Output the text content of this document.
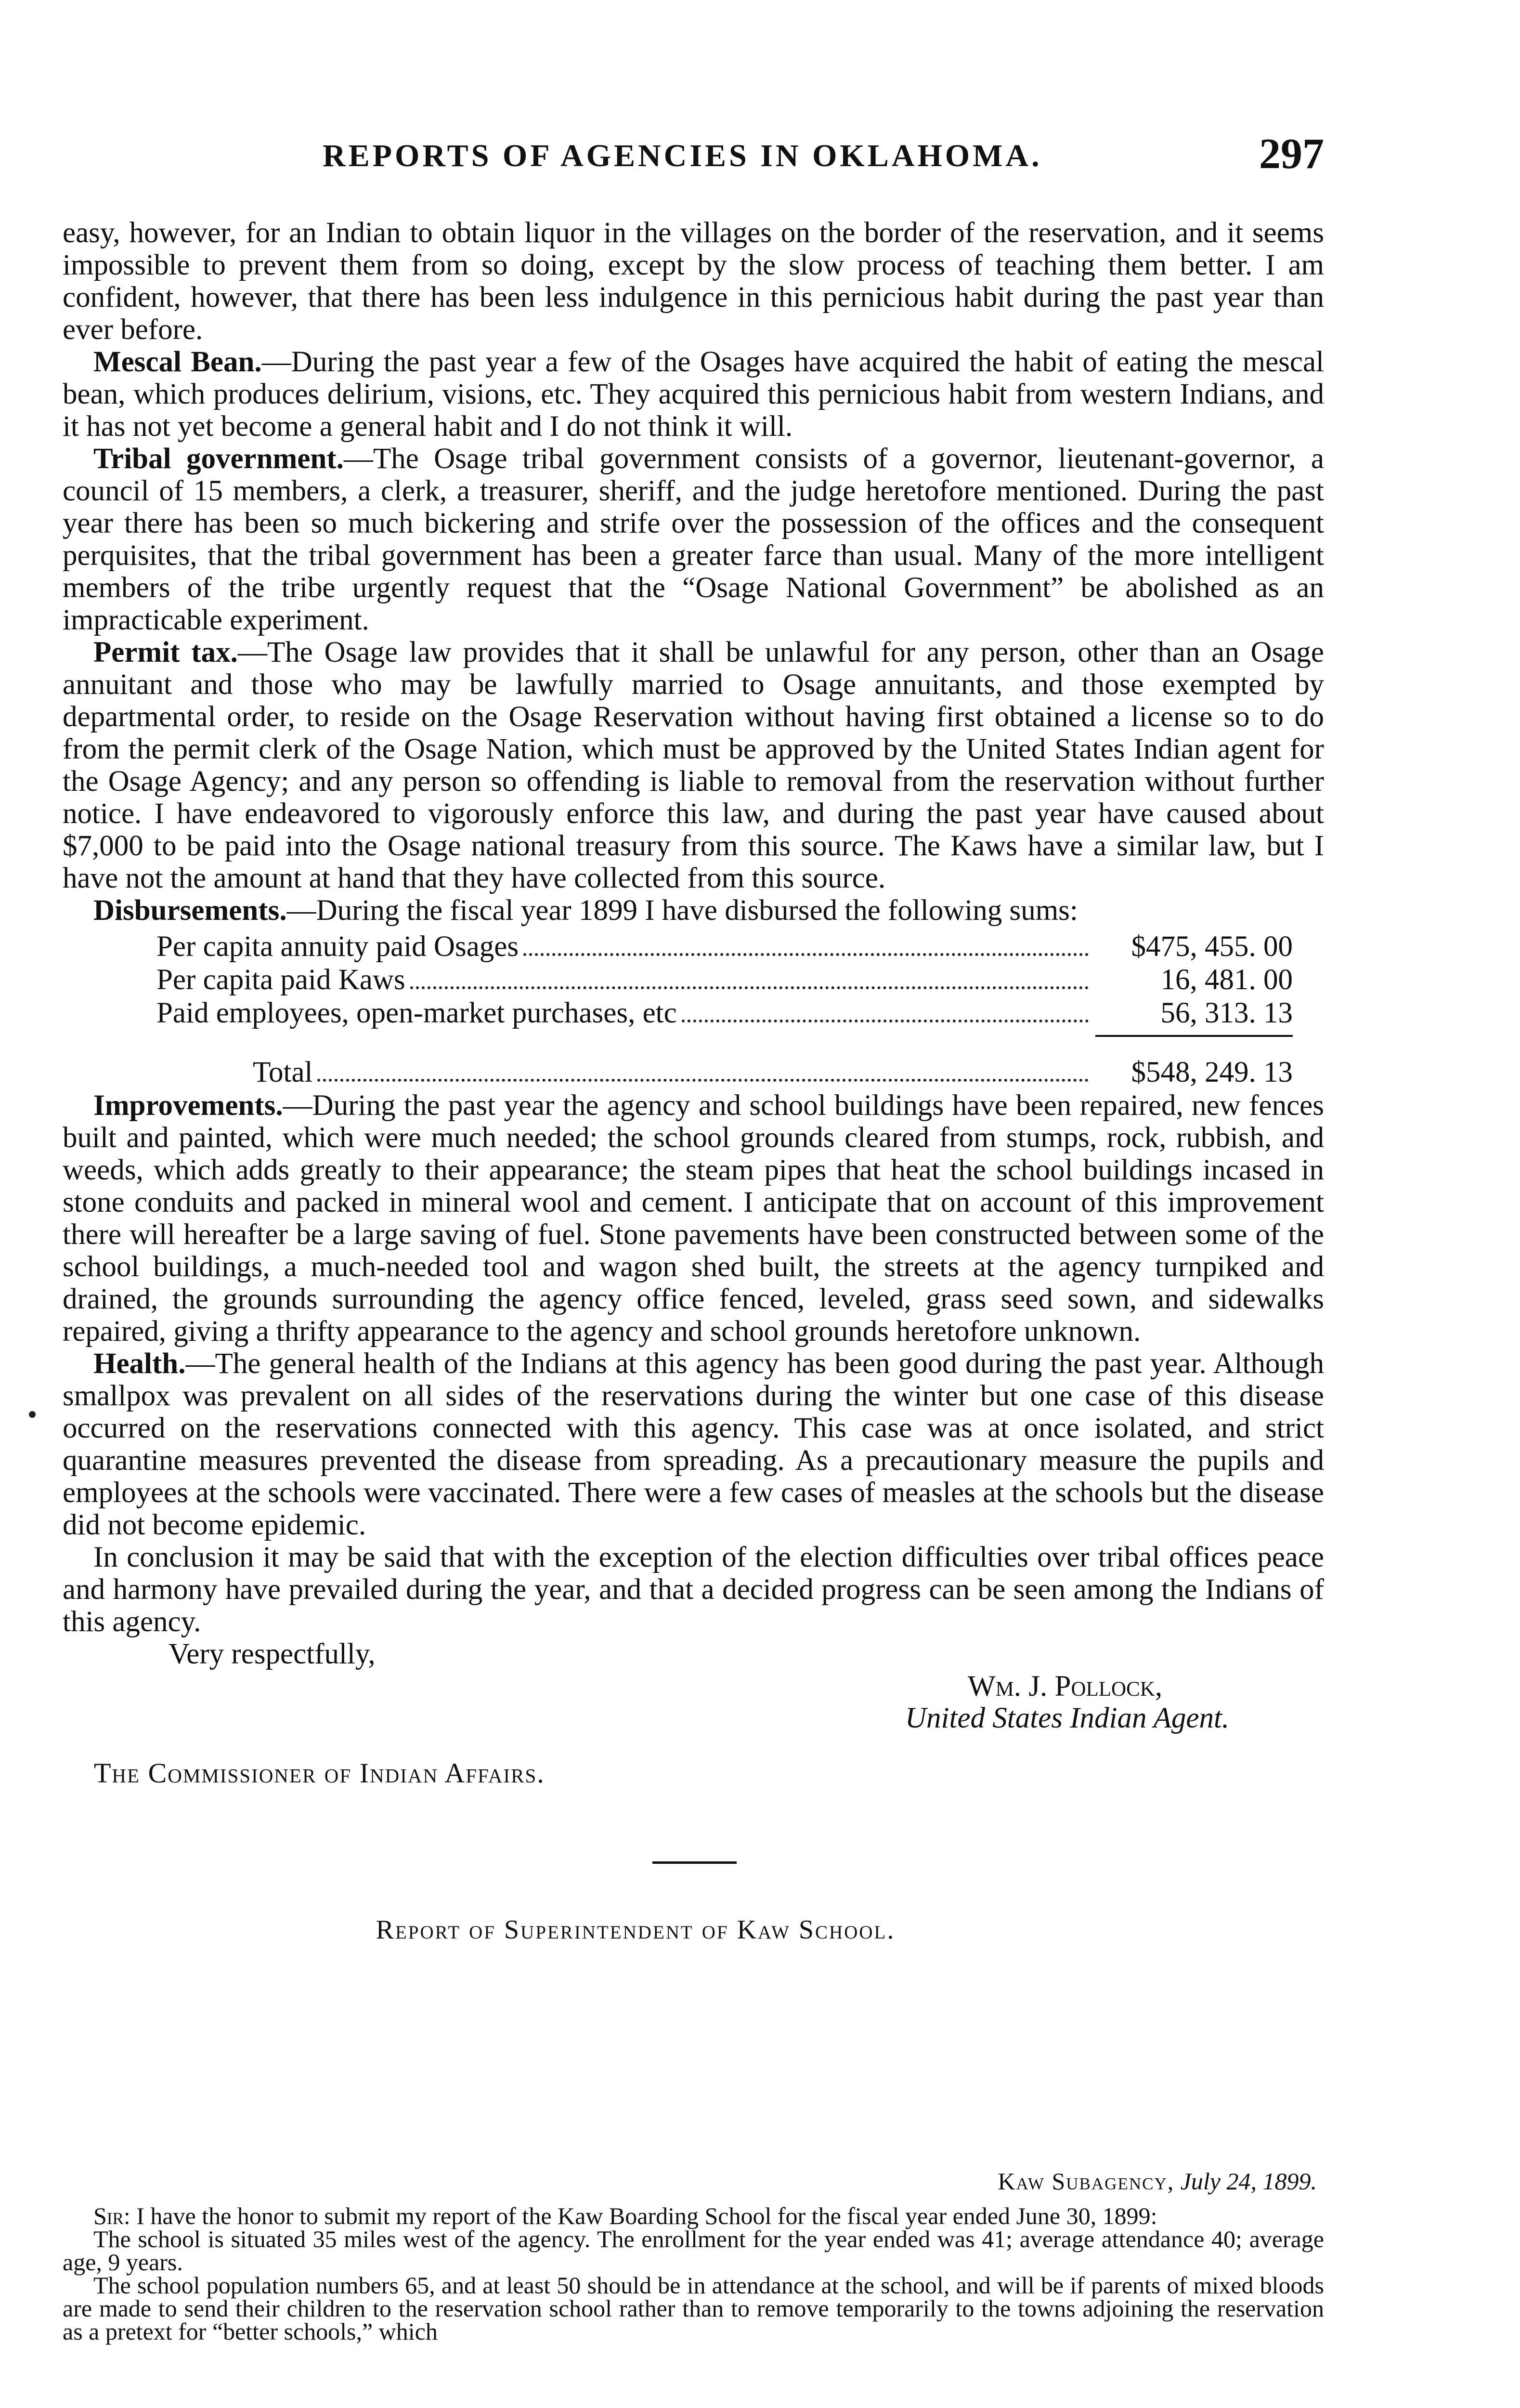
REPORTS OF AGENCIES IN OKLAHOMA.	297

easy, however, for an Indian to obtain liquor in the villages on the border of the reservation, and it seems impossible to prevent them from so doing, except by the slow process of teaching them better. I am confident, however, that there has been less indulgence in this pernicious habit during the past year than ever before.

Mescal Bean.—During the past year a few of the Osages have acquired the habit of eating the mescal bean, which produces delirium, visions, etc. They acquired this pernicious habit from western Indians, and it has not yet become a general habit and I do not think it will.

Tribal government.—The Osage tribal government consists of a governor, lieutenant-governor, a council of 15 members, a clerk, a treasurer, sheriff, and the judge heretofore mentioned. During the past year there has been so much bickering and strife over the possession of the offices and the consequent perquisites, that the tribal government has been a greater farce than usual. Many of the more intelligent members of the tribe urgently request that the “Osage National Government” be abolished as an impracticable experiment.

Permit tax.—The Osage law provides that it shall be unlawful for any person, other than an Osage annuitant and those who may be lawfully married to Osage annuitants, and those exempted by departmental order, to reside on the Osage Reservation without having first obtained a license so to do from the permit clerk of the Osage Nation, which must be approved by the United States Indian agent for the Osage Agency; and any person so offending is liable to removal from the reservation without further notice. I have endeavored to vigorously enforce this law, and during the past year have caused about $7,000 to be paid into the Osage national treasury from this source. The Kaws have a similar law, but I have not the amount at hand that they have collected from this source.

Disbursements.—During the fiscal year 1899 I have disbursed the following sums:

Per capita annuity paid Osages	$475, 455. 00
Per capita paid Kaws	16, 481. 00
Paid employees, open-market purchases, etc	56, 313. 13
Total	$548, 249. 13

Improvements.—During the past year the agency and school buildings have been repaired, new fences built and painted, which were much needed; the school grounds cleared from stumps, rock, rubbish, and weeds, which adds greatly to their appearance; the steam pipes that heat the school buildings incased in stone conduits and packed in mineral wool and cement. I anticipate that on account of this improvement there will hereafter be a large saving of fuel. Stone pavements have been constructed between some of the school buildings, a much-needed tool and wagon shed built, the streets at the agency turnpiked and drained, the grounds surrounding the agency office fenced, leveled, grass seed sown, and sidewalks repaired, giving a thrifty appearance to the agency and school grounds heretofore unknown.

Health.—The general health of the Indians at this agency has been good during the past year. Although smallpox was prevalent on all sides of the reservations during the winter but one case of this disease occurred on the reservations connected with this agency. This case was at once isolated, and strict quarantine measures prevented the disease from spreading. As a precautionary measure the pupils and employees at the schools were vaccinated. There were a few cases of measles at the schools but the disease did not become epidemic.

In conclusion it may be said that with the exception of the election difficulties over tribal offices peace and harmony have prevailed during the year, and that a decided progress can be seen among the Indians of this agency.

Very respectfully,
Wm. J. Pollock,
United States Indian Agent.
The Commissioner of Indian Affairs.
Report of Superintendent of Kaw School.

Kaw Subagency, July 24, 1899.

Sir: I have the honor to submit my report of the Kaw Boarding School for the fiscal year ended June 30, 1899:

The school is situated 35 miles west of the agency. The enrollment for the year ended was 41; average attendance 40; average age, 9 years.

The school population numbers 65, and at least 50 should be in attendance at the school, and will be if parents of mixed bloods are made to send their children to the reservation school rather than to remove temporarily to the towns adjoining the reservation as a pretext for “better schools,” which
